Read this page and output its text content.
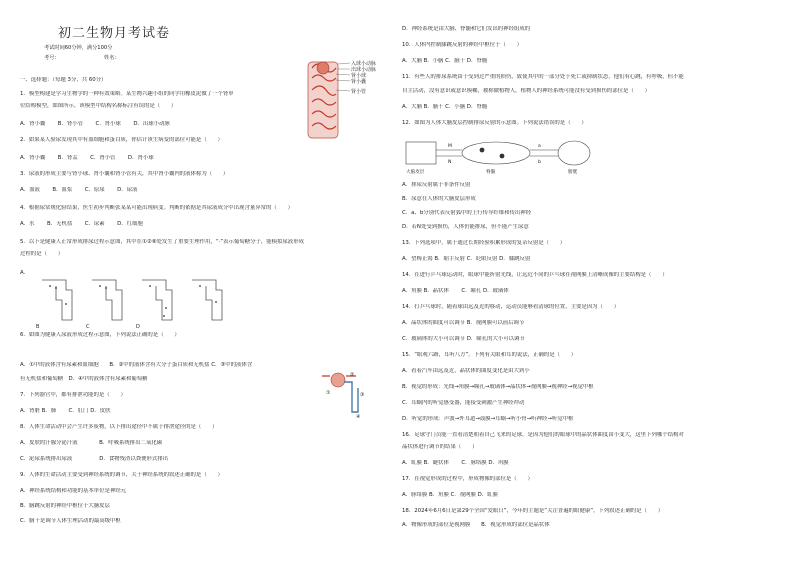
初二生物月考试卷
考试时间60分钟，满分100分
考号：	姓名：
入球小动脉
出球小动脉
肾小球
肾小囊
肾小管
一、选择题：（每题 3分，共 60分）
1．模型构建是学习生物学的一种有效策略。某生物兴趣小组的同学用橡皮泥做了一个肾单
位结构模型，如图所示。该模型中结构名称标注有误的是（　　）
A．肾小囊　　 B．肾小管　　 C．肾小球　　 D．出球小动脉
2．如果某人验尿发现其中有血细胞和蛋白质，你估计该生病变的部位可能是（　　）
A．肾小囊　　 B．肾盂　　 C．肾小管　　 D．肾小球
3．尿液的形成主要与肾小球、肾小囊和肾小管有关，其中肾小囊内的液体称为（　　）
A．血液　　 B．血浆　　 C．原尿　　 D．尿液
4．根据尿常规化验结果，医生初步判断张某某可能出现病变。判断的依据是其尿液成分中出现含量异常的（　　）
A．水　　 B．无机盐　　 C．尿素　　 D．红细胞
5．以下是健康人正常形成排尿过程示意图，其中在①②⑧处发生了重要生理作用，“·”表示葡萄糖分子，能模拟尿液形成
过程的是（　　）
A．
6．如图为健康人尿液形成过程示意图，下列说法正确的是（　　）
A．①中的液体含有尿素和血细胞　　B．②中的液体含有大分子蛋白质和无机盐 C．③中的液体含
有无机盐和葡萄糖　D．④中的液体含有尿素和葡萄糖
7．下列器官中，都有排泄功能的是（　　）
A．肾脏 B．肺　　 C．肛门 D．皮肤
8．人体生命活动中会产生许多废物，以下排出途径中不属于排泄途径的是（　　）
A．皮肤的汗腺分泌汗液　　　　B．呼吸系统排出二氧化碳
C．泌尿系统排出尿液　　　　　D．食物残渣以粪便形式排出
9．人体的生命活动主要受到神经系统的调节，关于神经系统的叙述正确的是（　　）
A．神经系统结构和功能的基本单位是神经元
B．脑跳反射的神经中枢位于大脑皮层
C．脑干是调节人体生理活动的最高级中枢
B	C	D
①
②
③
④
D．神经系统是由大脑、脊髓和它们发出的神经组成的
10．人体内控制膝跳反射的神经中枢位于（　　）
A．大脑 B．小脑 C．脑干 D．脊髓
11．有些人的排尿系统由于受到过严重的损伤，致使其中的一部分处于死亡或抑制状态，他们有心跳，有呼吸，但不能
自主活动，没有意识或意识模糊，被称做植物人。植物人的神经系统可能没有受到损伤的部位是（　　）
A．大脑 B．脑干 C．小脑 D．脊髓
12．如图为人体大脑皮层控制排尿反射的示意图。下列说法错误的是（　　）
A．排尿反射属于非条件反射
B．尿意在人体的大脑皮层形成
C．a、b分别代表反射弧中的上行传导纤维和传出神经
D．若N处受到损伤，人体仍能排尿，但不能产生尿意
13．下列选项中，属于通过长期经验积累形成的复杂反射是（　　）
A．望梅止渴 B．缩手反射 C．眨眼反射 D．膝跳反射
14．在进行乒乓球运动时，眼球中能折射光线，让远近不同的乒乓球在视网膜上清晰成像的主要结构是（　　）
A．角膜 B．晶状体　　 C．瞳孔 D．玻璃体
14．打乒乓球时，随着球由远及近的移动，运动员能够看清球的位置，主要是因为（　　）
A．晶状体的曲度可以调节 B．视网膜可以前后调节
C．玻璃体的大小可以调节 D．瞳孔的大小可以调节
15．“眼观六路，耳听八方”。下列有关眼和耳的说法，正确的是（　　）
A．看着汽车由远及近，晶状体的曲度变化是由大到小
B．视觉的形成：光线→角膜→瞳孔→玻璃体→晶状体→视网膜→视神经→视觉中枢
C．耳蜗内的听觉感受器，能接受刺激产生神经冲动
D．听觉的形成：声波→外耳道→鼓膜→耳蜗→听小骨→听神经→听觉中枢
16．足球守门员能一直看清楚朝着自己飞来的足球，是因为他们的眼球中的晶状体曲度由小变大，这里下列哪个结构对
晶状体进行调节的结果（　　）
A．虹膜 B．睫状体　　 C．脉络膜 D．巩膜
17．在视觉形成的过程中，形成物像的部位是（　　）
A．脉络膜 B．角膜 C．视网膜 D．虹膜
18．2024年6月6日是第29个全国“爱眼日”，今年的主题是“关注普遍的眼健康”。下列叙述正确的是（　　）
A．物像形成的部位是视网膜　　B．视觉形成的部位是晶状体
大脑皮层	脊髓	膀胱
M
N
a
b
